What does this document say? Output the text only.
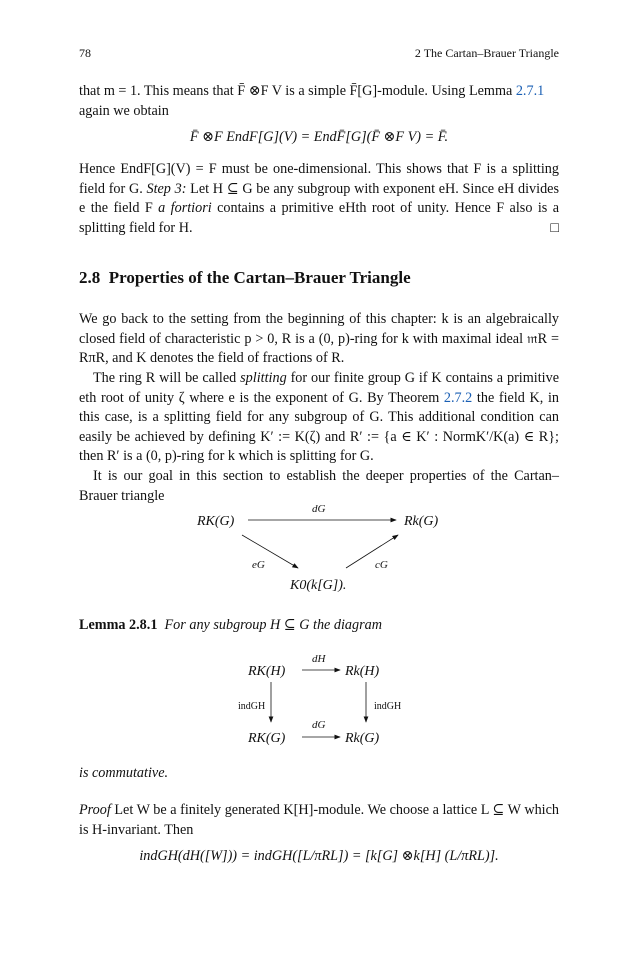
78	2 The Cartan–Brauer Triangle

that m = 1. This means that F̄ ⊗F V is a simple F̄[G]-module. Using Lemma 2.7.1

again we obtain

F̄ ⊗F EndF[G](V) = EndF̄[G](F̄ ⊗F V) = F̄.

Hence EndF[G](V) = F must be one-dimensional. This shows that F is a splitting field for G. Step 3: Let H ⊆ G be any subgroup with exponent eH. Since eH divides e the field F a fortiori contains a primitive eHth root of unity. Hence F also is a splitting field for H.	□

2.8 Properties of the Cartan–Brauer Triangle

We go back to the setting from the beginning of this chapter: k is an algebraically closed field of characteristic p > 0, R is a (0, p)-ring for k with maximal ideal 𝔪R = RπR, and K denotes the field of fractions of R.

The ring R will be called splitting for our finite group G if K contains a primitive eth root of unity ζ where e is the exponent of G. By Theorem 2.7.2 the field K, in this case, is a splitting field for any subgroup of G. This additional condition can easily be achieved by defining K′ := K(ζ) and R′ := {a ∈ K′ : NormK′/K(a) ∈ R}; then R′ is a (0, p)-ring for k which is splitting for G.

It is our goal in this section to establish the deeper properties of the Cartan–Brauer triangle

RK(G)	Rk(G)
K0(k[G]).
dG
eG	cG
RK(H)	Rk(H)
RK(G)	Rk(G)
dH
dG
indGH	indGH

Lemma 2.8.1 For any subgroup H ⊆ G the diagram

is commutative.

Proof Let W be a finitely generated K[H]-module. We choose a lattice L ⊆ W which is H-invariant. Then

indGH(dH([W])) = indGH([L/πRL]) = [k[G] ⊗k[H] (L/πRL)].
